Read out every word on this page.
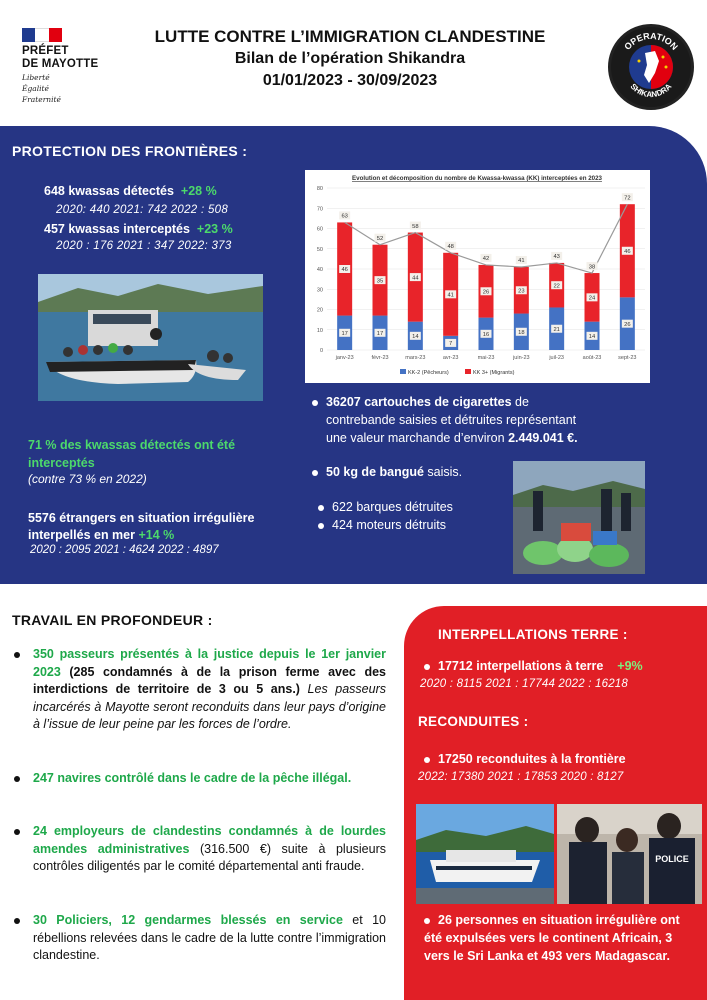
PRÉFET
DE MAYOTTE
Liberté
Égalité
Fraternité
LUTTE CONTRE L’IMMIGRATION CLANDESTINE
Bilan de l’opération Shikandra
01/01/2023 - 30/09/2023
OPERATION
SHIKANDRA
PROTECTION DES FRONTIÈRES :
648 kwassas détectés +28 %
2020: 440 2021: 742 2022 : 508
457 kwassas interceptés +23 %
2020 : 176 2021 : 347 2022: 373
71 % des kwassas détectés ont été interceptés
(contre 73 % en 2022)
5576 étrangers en situation irrégulière interpellés en mer +14 %
2020 : 2095 2021 : 4624 2022 : 4897
Evolution et décomposition du nombre de Kwassa-kwassa (KK) interceptées en 2023
0
10
20
30
40
50
60
70
80
17
46
17
35
14
44
7
41
16
26
18
23
21
22
14
24
26
46
63
52
58
48
42	41
43
38
72
janv-23	févr-23	mars-23	avr-23	mai-23	juin-23	juil-23	août-23	sept-23
KK-2 (Pêcheurs)	KK 3+ (Migrants)
36207 cartouches de cigarettes de
contrebande saisies et détruites représentant
une valeur marchande d’environ 2.449.041 €.
50 kg de bangué saisis.
622 barques détruites
424 moteurs détruits
TRAVAIL EN PROFONDEUR :
350 passeurs présentés à la justice depuis le 1er janvier 2023 (285 condamnés à de la prison ferme avec des interdictions de territoire de 3 ou 5 ans.) Les passeurs incarcérés à Mayotte seront reconduits dans leur pays d’origine à l’issue de leur peine par les forces de l’ordre.
247 navires contrôlé dans le cadre de la pêche illégal.
24 employeurs de clandestins condamnés à de lourdes amendes administratives (316.500 €) suite à plusieurs contrôles diligentés par le comité départemental anti fraude.
30 Policiers, 12 gendarmes blessés en service et 10 rébellions relevées dans le cadre de la lutte contre l’immigration clandestine.
INTERPELLATIONS TERRE :
17712 interpellations à terre +9%
2020 : 8115 2021 : 17744 2022 : 16218
RECONDUITES :
17250 reconduites à la frontière
2022: 17380 2021 : 17853 2020 : 8127
POLICE
26 personnes en situation irrégulière ont été expulsées vers le continent Africain, 3 vers le Sri Lanka et 493 vers Madagascar.
